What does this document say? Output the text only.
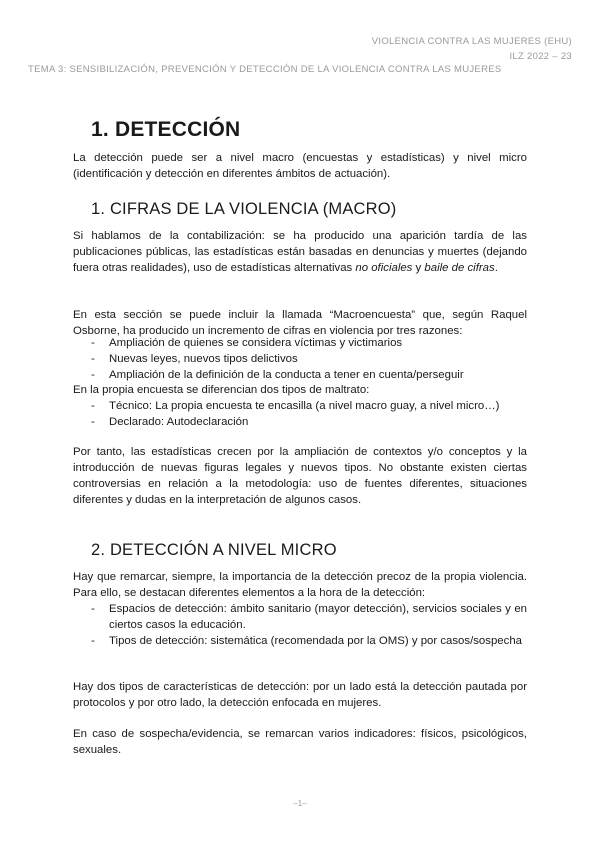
VIOLENCIA CONTRA LAS MUJERES (EHU)
ILZ 2022 – 23
TEMA 3: SENSIBILIZACIÓN, PREVENCIÓN Y DETECCIÓN DE LA VIOLENCIA CONTRA LAS MUJERES
1. DETECCIÓN

La detección puede ser a nivel macro (encuestas y estadísticas) y nivel micro (identificación y detección en diferentes ámbitos de actuación).

1. CIFRAS DE LA VIOLENCIA (MACRO)

Si hablamos de la contabilización: se ha producido una aparición tardía de las publicaciones públicas, las estadísticas están basadas en denuncias y muertes (dejando fuera otras realidades), uso de estadísticas alternativas no oficiales y baile de cifras.

En esta sección se puede incluir la llamada “Macroencuesta” que, según Raquel Osborne, ha producido un incremento de cifras en violencia por tres razones:

- Ampliación de quienes se considera víctimas y victimarios
- Nuevas leyes, nuevos tipos delictivos
- Ampliación de la definición de la conducta a tener en cuenta/perseguir

En la propia encuesta se diferencian dos tipos de maltrato:

- Técnico: La propia encuesta te encasilla (a nivel macro guay, a nivel micro…)
- Declarado: Autodeclaración

Por tanto, las estadísticas crecen por la ampliación de contextos y/o conceptos y la introducción de nuevas figuras legales y nuevos tipos. No obstante existen ciertas controversias en relación a la metodología: uso de fuentes diferentes, situaciones diferentes y dudas en la interpretación de algunos casos.

2. DETECCIÓN A NIVEL MICRO

Hay que remarcar, siempre, la importancia de la detección precoz de la propia violencia. Para ello, se destacan diferentes elementos a la hora de la detección:

- Espacios de detección: ámbito sanitario (mayor detección), servicios sociales y en ciertos casos la educación.
- Tipos de detección: sistemática (recomendada por la OMS) y por casos/sospecha

Hay dos tipos de características de detección: por un lado está la detección pautada por protocolos y por otro lado, la detección enfocada en mujeres.

En caso de sospecha/evidencia, se remarcan varios indicadores: físicos, psicológicos, sexuales.

–1–
